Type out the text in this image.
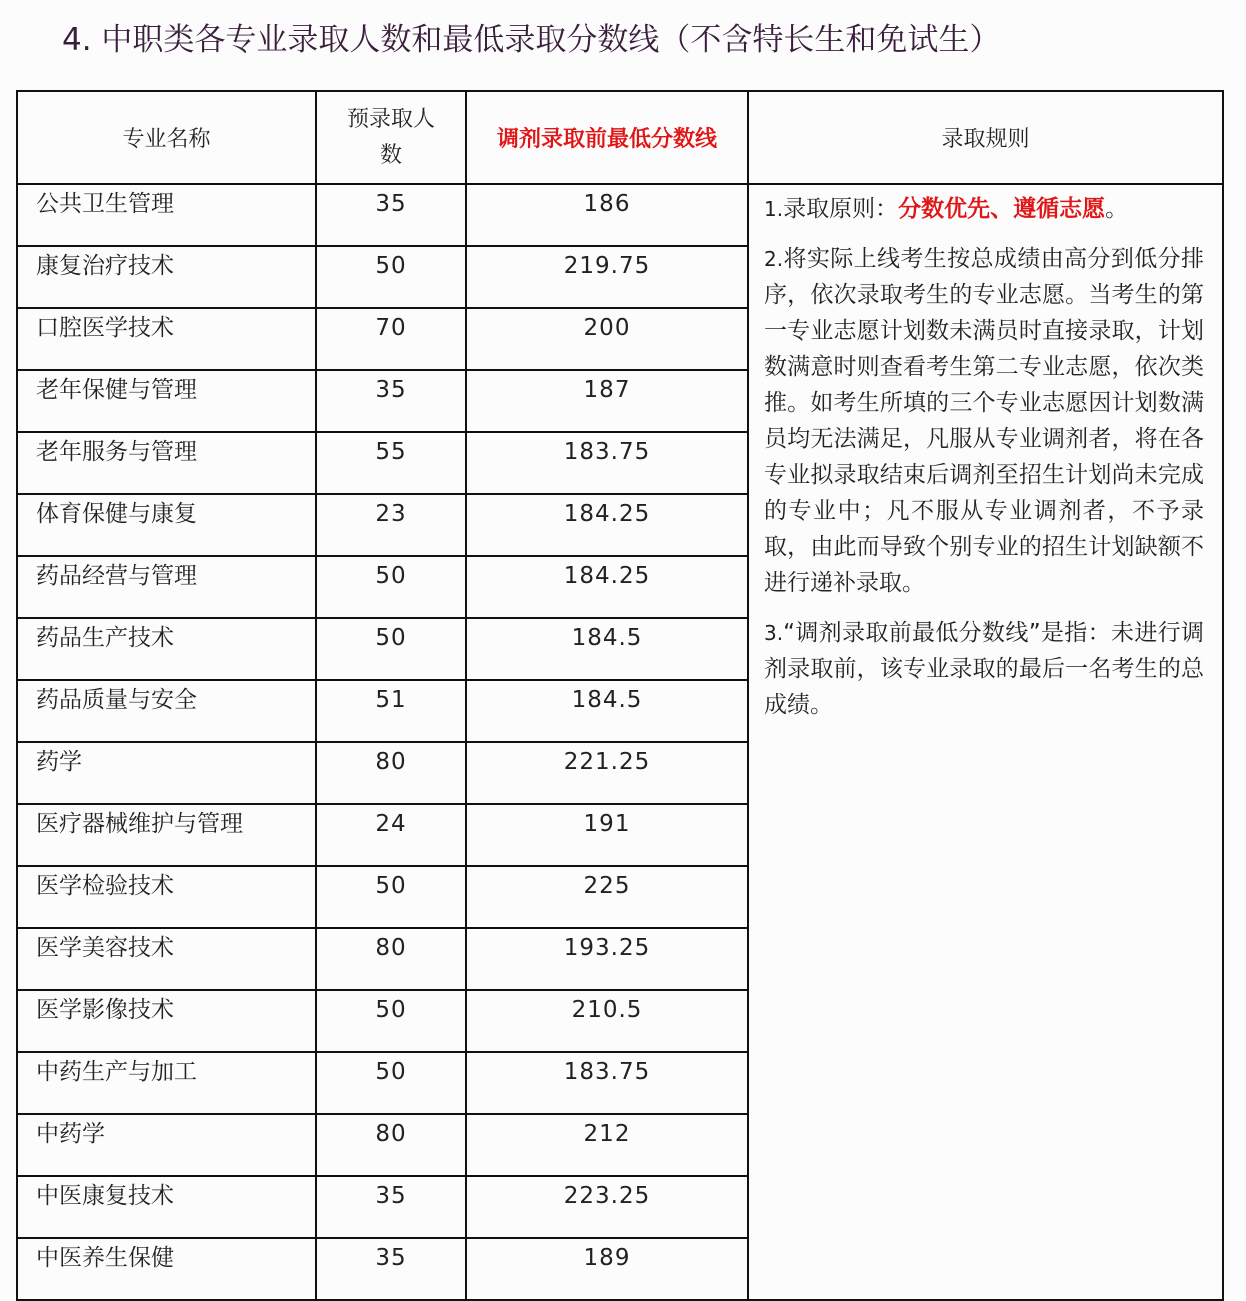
4. 中职类各专业录取人数和最低录取分数线（不含特长生和免试生）
专业名称	预录取人数	调剂录取前最低分数线	录取规则
公共卫生管理	35	186	1.录取原则：分数优先、遵循志愿。
2.将实际上线考生按总成绩由高分到低分排序，依次录取考生的专业志愿。当考生的第一专业志愿计划数未满员时直接录取，计划数满意时则查看考生第二专业志愿，依次类推。如考生所填的三个专业志愿因计划数满员均无法满足，凡服从专业调剂者，将在各专业拟录取结束后调剂至招生计划尚未完成的专业中；凡不服从专业调剂者，不予录取，由此而导致个别专业的招生计划缺额不进行递补录取。
3.“调剂录取前最低分数线”是指：未进行调剂录取前，该专业录取的最后一名考生的总成绩。

康复治疗技术	50	219.75	
口腔医学技术	70	200	
老年保健与管理	35	187	
老年服务与管理	55	183.75	
体育保健与康复	23	184.25	
药品经营与管理	50	184.25	
药品生产技术	50	184.5	
药品质量与安全	51	184.5	
药学	80	221.25	
医疗器械维护与管理	24	191	
医学检验技术	50	225	
医学美容技术	80	193.25	
医学影像技术	50	210.5	
中药生产与加工	50	183.75	
中药学	80	212	
中医康复技术	35	223.25	
中医养生保健	35	189	
